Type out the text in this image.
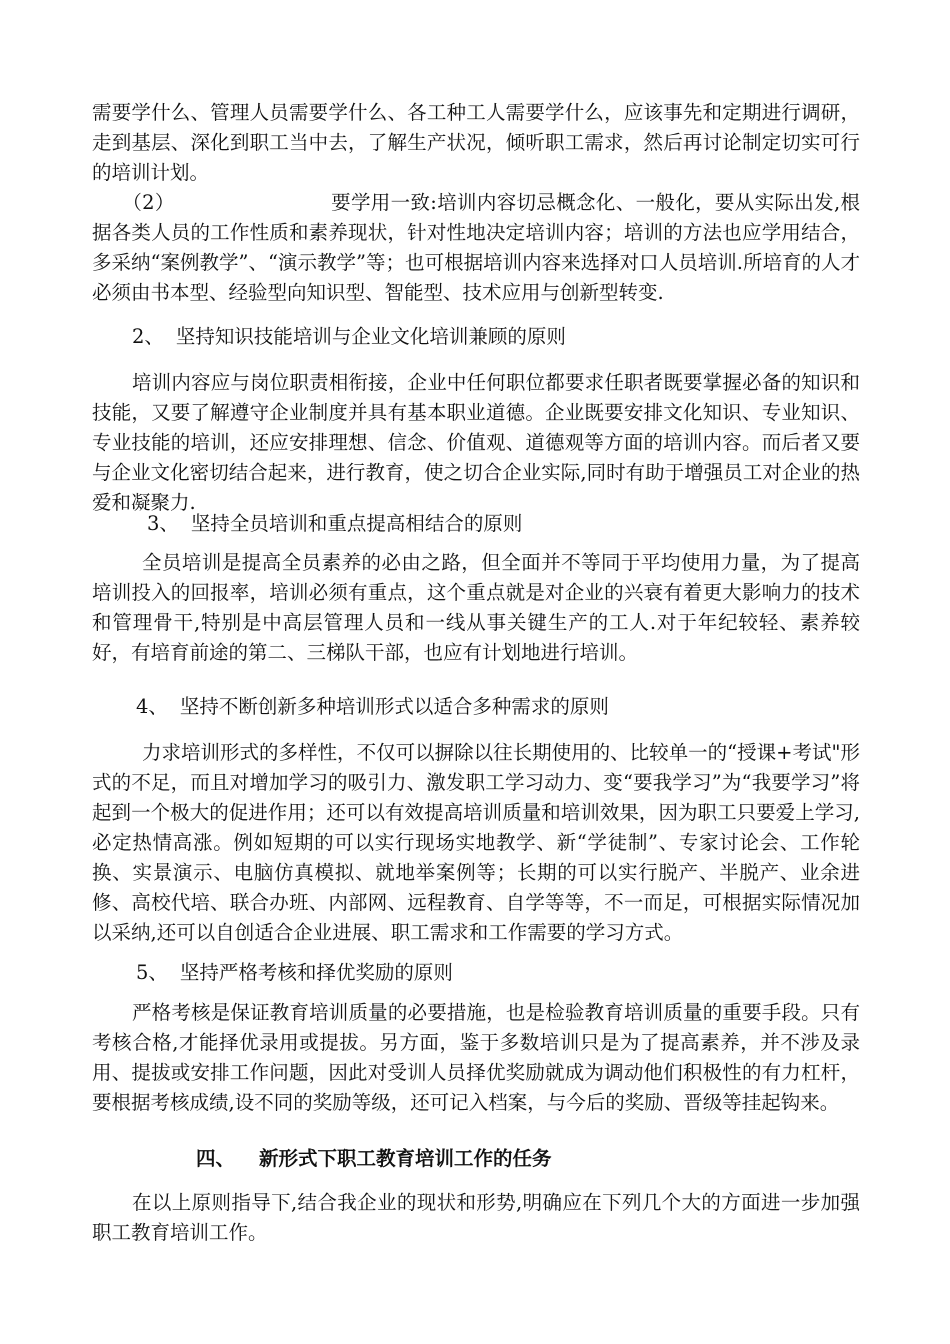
需要学什么、管理人员需要学什么、各工种工人需要学什么，应该事先和定期进行调研，走到基层、深化到职工当中去，了解生产状况，倾听职工需求，然后再讨论制定切实可行的培训计划。

（2）	要学用一致:培训内容切忌概念化、一般化，要从实际出发,根据各类人员的工作性质和素养现状，针对性地决定培训内容；培训的方法也应学用结合，多采纳“案例教学”、“演示教学”等；也可根据培训内容来选择对口人员培训.所培育的人才必须由书本型、经验型向知识型、智能型、技术应用与创新型转变.

2、 坚持知识技能培训与企业文化培训兼顾的原则

培训内容应与岗位职责相衔接，企业中任何职位都要求任职者既要掌握必备的知识和技能，又要了解遵守企业制度并具有基本职业道德。企业既要安排文化知识、专业知识、专业技能的培训，还应安排理想、信念、价值观、道德观等方面的培训内容。而后者又要与企业文化密切结合起来，进行教育，使之切合企业实际,同时有助于增强员工对企业的热爱和凝聚力.

3、 坚持全员培训和重点提高相结合的原则

全员培训是提高全员素养的必由之路，但全面并不等同于平均使用力量，为了提高培训投入的回报率，培训必须有重点，这个重点就是对企业的兴衰有着更大影响力的技术和管理骨干,特别是中高层管理人员和一线从事关键生产的工人.对于年纪较轻、素养较好，有培育前途的第二、三梯队干部，也应有计划地进行培训。

4、 坚持不断创新多种培训形式以适合多种需求的原则

力求培训形式的多样性，不仅可以摒除以往长期使用的、比较单一的“授课+考试"形式的不足，而且对增加学习的吸引力、激发职工学习动力、变“要我学习”为“我要学习”将起到一个极大的促进作用；还可以有效提高培训质量和培训效果，因为职工只要爱上学习,必定热情高涨。例如短期的可以实行现场实地教学、新“学徒制”、专家讨论会、工作轮换、实景演示、电脑仿真模拟、就地举案例等；长期的可以实行脱产、半脱产、业余进修、高校代培、联合办班、内部网、远程教育、自学等等，不一而足，可根据实际情况加以采纳,还可以自创适合企业进展、职工需求和工作需要的学习方式。

5、 坚持严格考核和择优奖励的原则

严格考核是保证教育培训质量的必要措施，也是检验教育培训质量的重要手段。只有考核合格,才能择优录用或提拔。另方面，鉴于多数培训只是为了提高素养，并不涉及录用、提拔或安排工作问题，因此对受训人员择优奖励就成为调动他们积极性的有力杠杆，要根据考核成绩,设不同的奖励等级，还可记入档案，与今后的奖励、晋级等挂起钩来。

四、 新形式下职工教育培训工作的任务

在以上原则指导下,结合我企业的现状和形势,明确应在下列几个大的方面进一步加强职工教育培训工作。
